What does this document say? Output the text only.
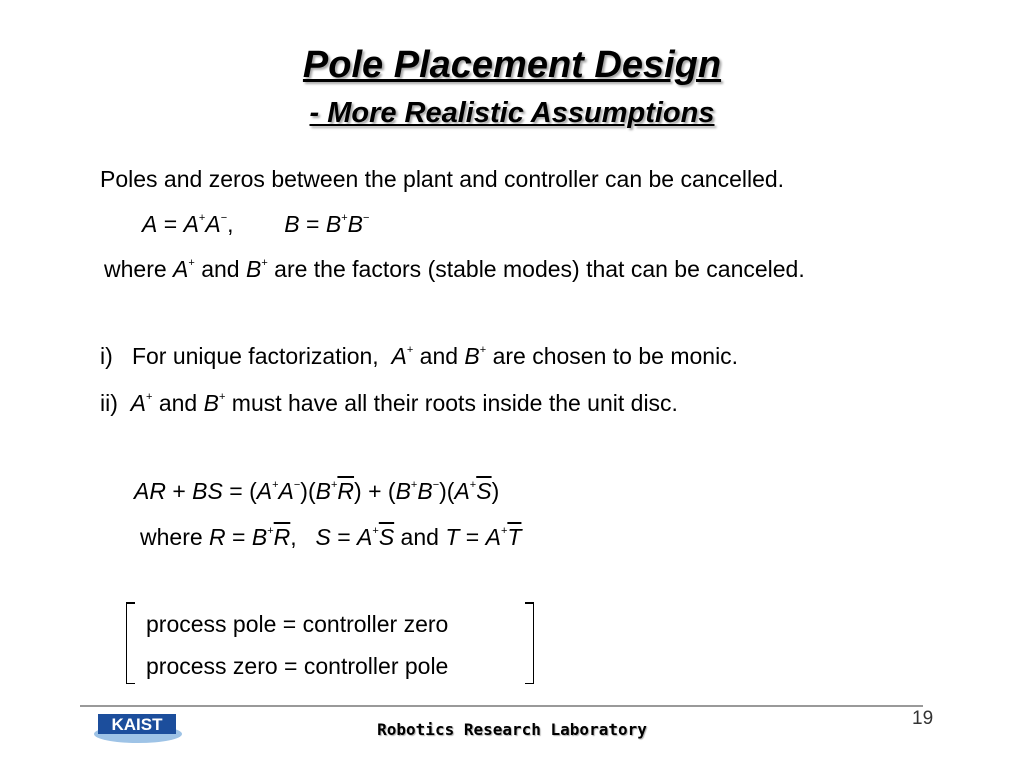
Pole Placement Design
- More Realistic Assumptions
Poles and zeros between the plant and controller can be cancelled.
A = A+A−,  B = B+B−
where A+ and B+ are the factors (stable modes) that can be canceled.
i) For unique factorization, A+ and B+ are chosen to be monic.
ii) A+ and B+ must have all their roots inside the unit disc.
AR + BS = $(A^+A^-)(B^+\overline{R}) + (B^+B^-)(A^+\overline{S})$
where $R = B^+\overline{R}$,  $S = A^+\overline{S}$ and $T = A^+\overline{T}$
process pole = controller zero
process zero = controller pole
KAIST	Robotics Research Laboratory
19
